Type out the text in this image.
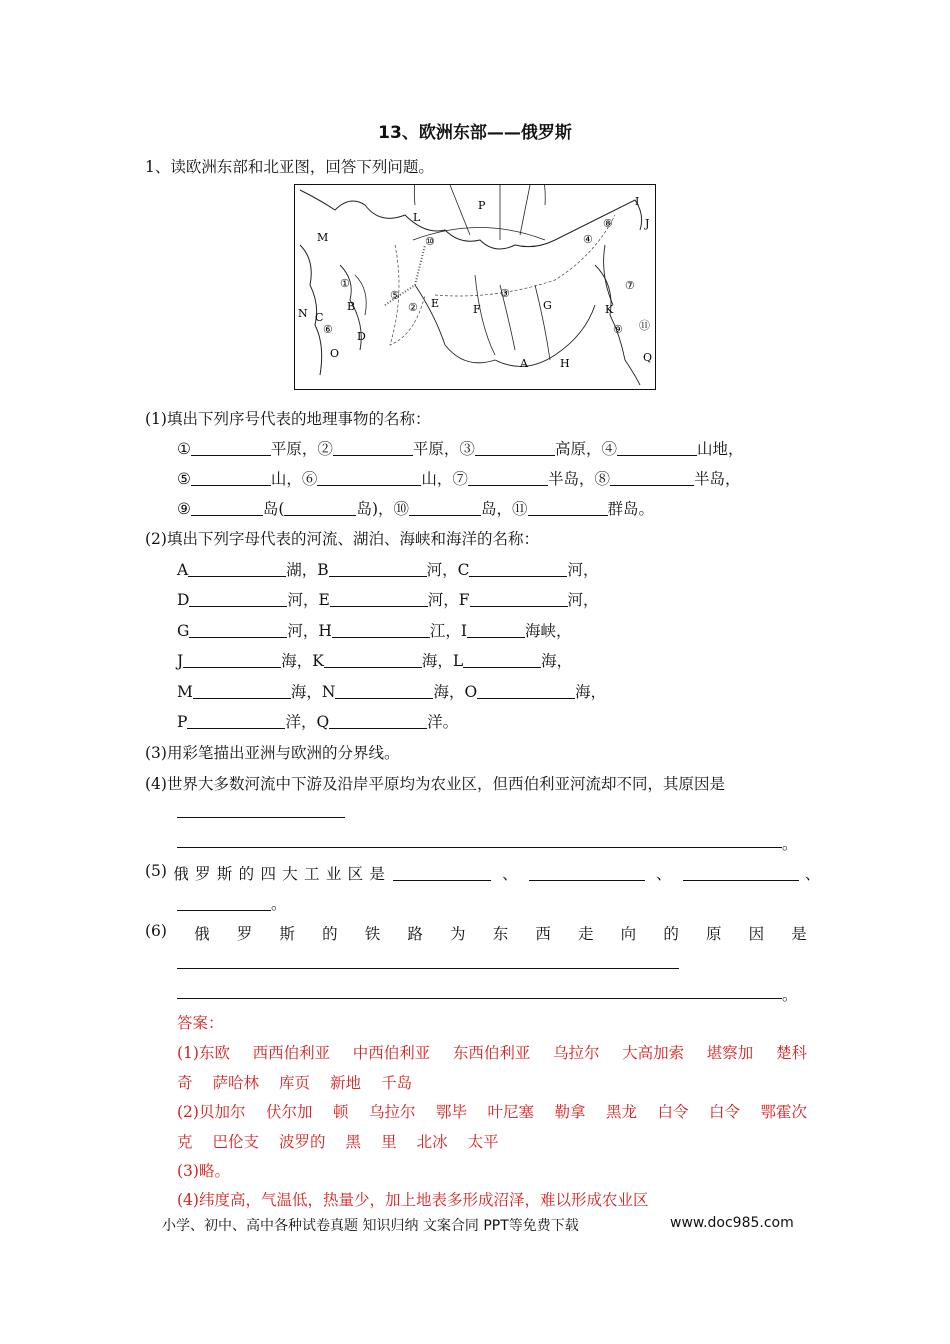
13、欧洲东部——俄罗斯
1、读欧洲东部和北亚图，回答下列问题。
P
L
M
I
J
B
N C
D
O
E	F	G	K
A	H	Q
①
②
③
④
⑤
⑥
⑦
⑧
⑨
⑩
⑪
(1)填出下列序号代表的地理事物的名称：
①	平原，②	平原，③	高原，④	山地，
⑤	山，⑥	山，⑦	半岛，⑧	半岛，
⑨	岛(	岛)，⑩	岛，⑪	群岛。
(2)填出下列字母代表的河流、湖泊、海峡和海洋的名称：
A	湖，B	河，C	河，
D	河，E	河，F	河，
G	河，H	江，I	海峡，
J	海，K	海，L	海，
M	海，N	海，O	海，
P	洋，Q	洋。
(3)用彩笔描出亚洲与欧洲的分界线。
(4)世界大多数河流中下游及沿岸平原均为农业区，但西伯利亚河流却不同，其原因是
。
(5) 俄 罗 斯 的 四 大 工 业 区 是	、	、	、
。
(6) 俄 罗 斯 的 铁 路 为 东 西 走 向 的 原 因 是
。
答案：
(1)东欧 西西伯利亚 中西伯利亚 东西伯利亚 乌拉尔 大高加索 堪察加 楚科
奇 萨哈林 库页 新地 千岛
(2)贝加尔 伏尔加 顿 乌拉尔 鄂毕 叶尼塞 勒拿 黑龙 白令 白令 鄂霍次
克 巴伦支 波罗的 黑 里 北冰 太平
(3)略。
(4)纬度高，气温低，热量少，加上地表多形成沼泽，难以形成农业区
小学、初中、高中各种试卷真题 知识归纳 文案合同 PPT等免费下载	www.doc985.com
